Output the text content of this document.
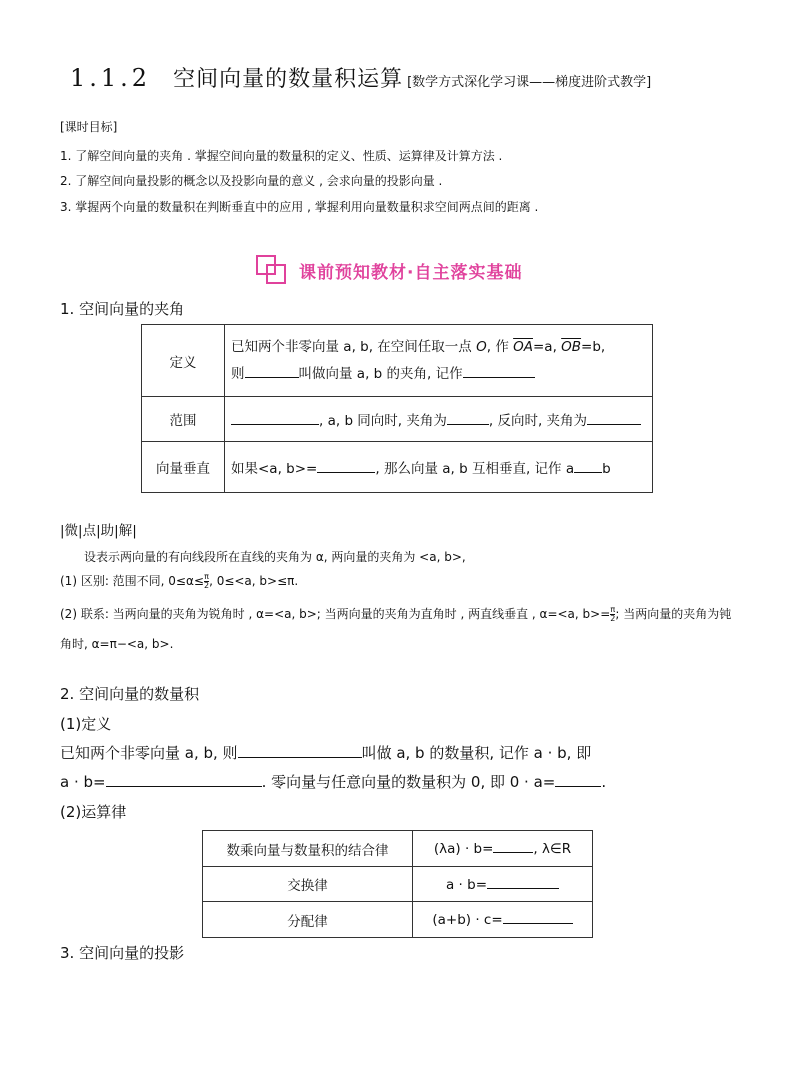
1.1.2 空间向量的数量积运算 [数学方式深化学习课——梯度进阶式教学]
[课时目标]
1. 了解空间向量的夹角 . 掌握空间向量的数量积的定义、性质、运算律及计算方法 .
2. 了解空间向量投影的概念以及投影向量的意义 , 会求向量的投影向量 .
3. 掌握两个向量的数量积在判断垂直中的应用 , 掌握利用向量数量积求空间两点间的距离 .
课前预知教材·自主落实基础
1. 空间向量的夹角
定义	已知两个非零向量 a, b, 在空间任取一点 O, 作 $\overline{OA}=a$, $\overline{OB}=b$,
则 叫做向量 a, b 的夹角, 记作

范围	, a, b 同向时, 夹角为 , 反向时, 夹角为
向量垂直	如果<a, b>= , 那么向量 a, b 互相垂直, 记作 a b
|微|点|助|解|
设表示两向量的有向线段所在直线的夹角为 α, 两向量的夹角为 <a, b>,
(1) 区别: 范围不同, $0\le\alpha\le \frac{\pi}{2}$ , 0≤<a, b>≤π.
(2) 联系: 当两向量的夹角为锐角时 , α=<a, b>; 当两向量的夹角为直角时 , 两直线垂直 , α=<a, $b>= \frac{\pi}{2}$ ; 当两向量的夹角为钝
角时, α=π−<a, b>.
2. 空间向量的数量积
(1)定义
已知两个非零向量 a, b, 则	叫做 a, b 的数量积, 记作 a · b, 即
a · b=	. 零向量与任意向量的数量积为 0, 即 0 · a=	.
(2)运算律
数乘向量与数量积的结合律	(λa) · b= , λ∈R
交换律	a · b=
分配律	(a+b) · c=
3. 空间向量的投影
